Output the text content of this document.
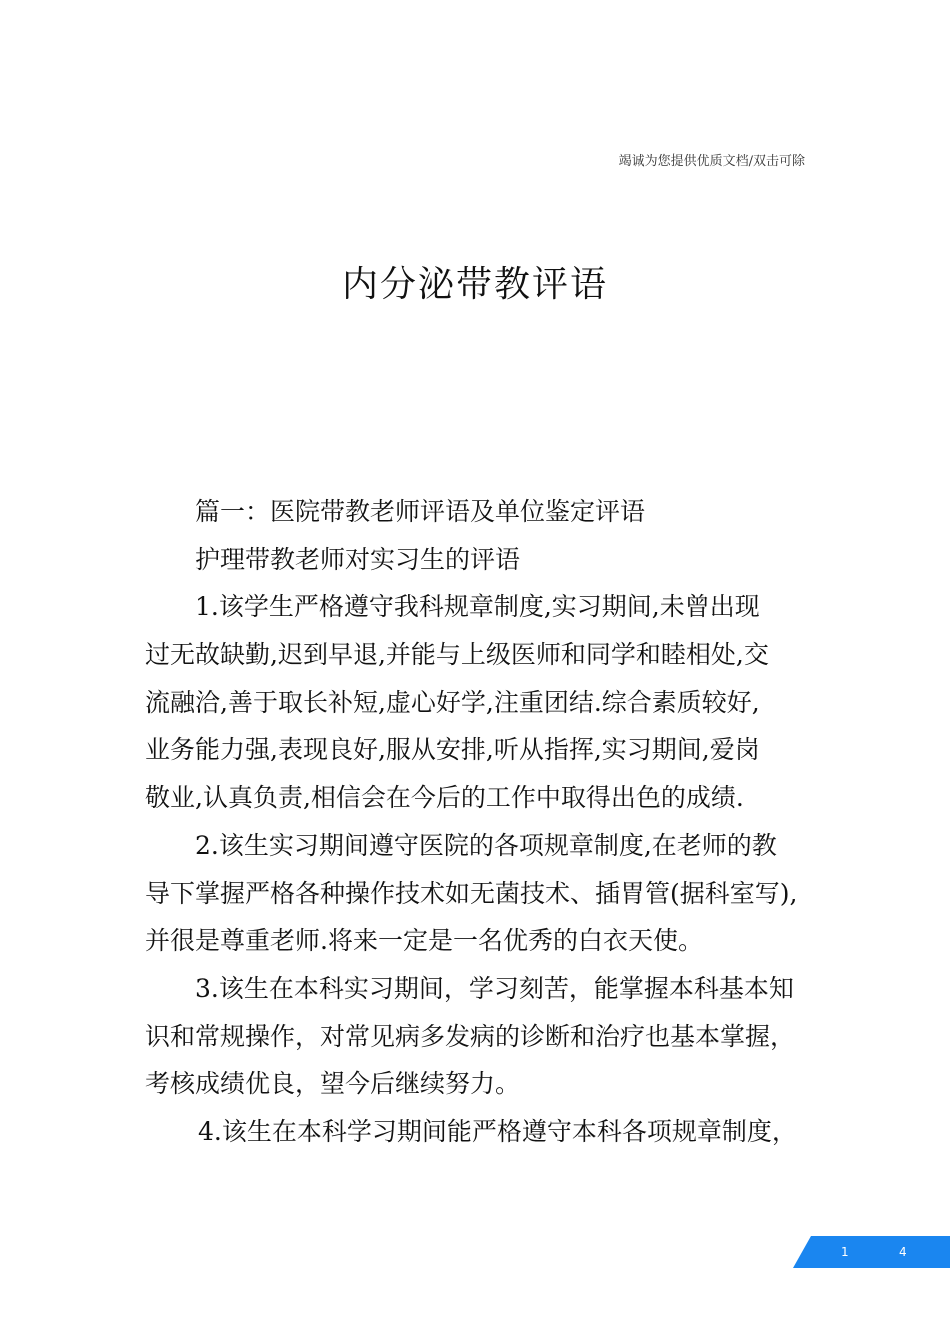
竭诚为您提供优质文档/双击可除
内分泌带教评语
篇一：医院带教老师评语及单位鉴定评语
护理带教老师对实习生的评语
1.该学生严格遵守我科规章制度,实习期间,未曾出现
过无故缺勤,迟到早退,并能与上级医师和同学和睦相处,交
流融洽,善于取长补短,虚心好学,注重团结.综合素质较好,
业务能力强,表现良好,服从安排,听从指挥,实习期间,爱岗
敬业,认真负责,相信会在今后的工作中取得出色的成绩.
2.该生实习期间遵守医院的各项规章制度,在老师的教
导下掌握严格各种操作技术如无菌技术、插胃管(据科室写),
并很是尊重老师.将来一定是一名优秀的白衣天使。
3.该生在本科实习期间，学习刻苦，能掌握本科基本知
识和常规操作，对常见病多发病的诊断和治疗也基本掌握，
考核成绩优良，望今后继续努力。
4.该生在本科学习期间能严格遵守本科各项规章制度，
1	4
